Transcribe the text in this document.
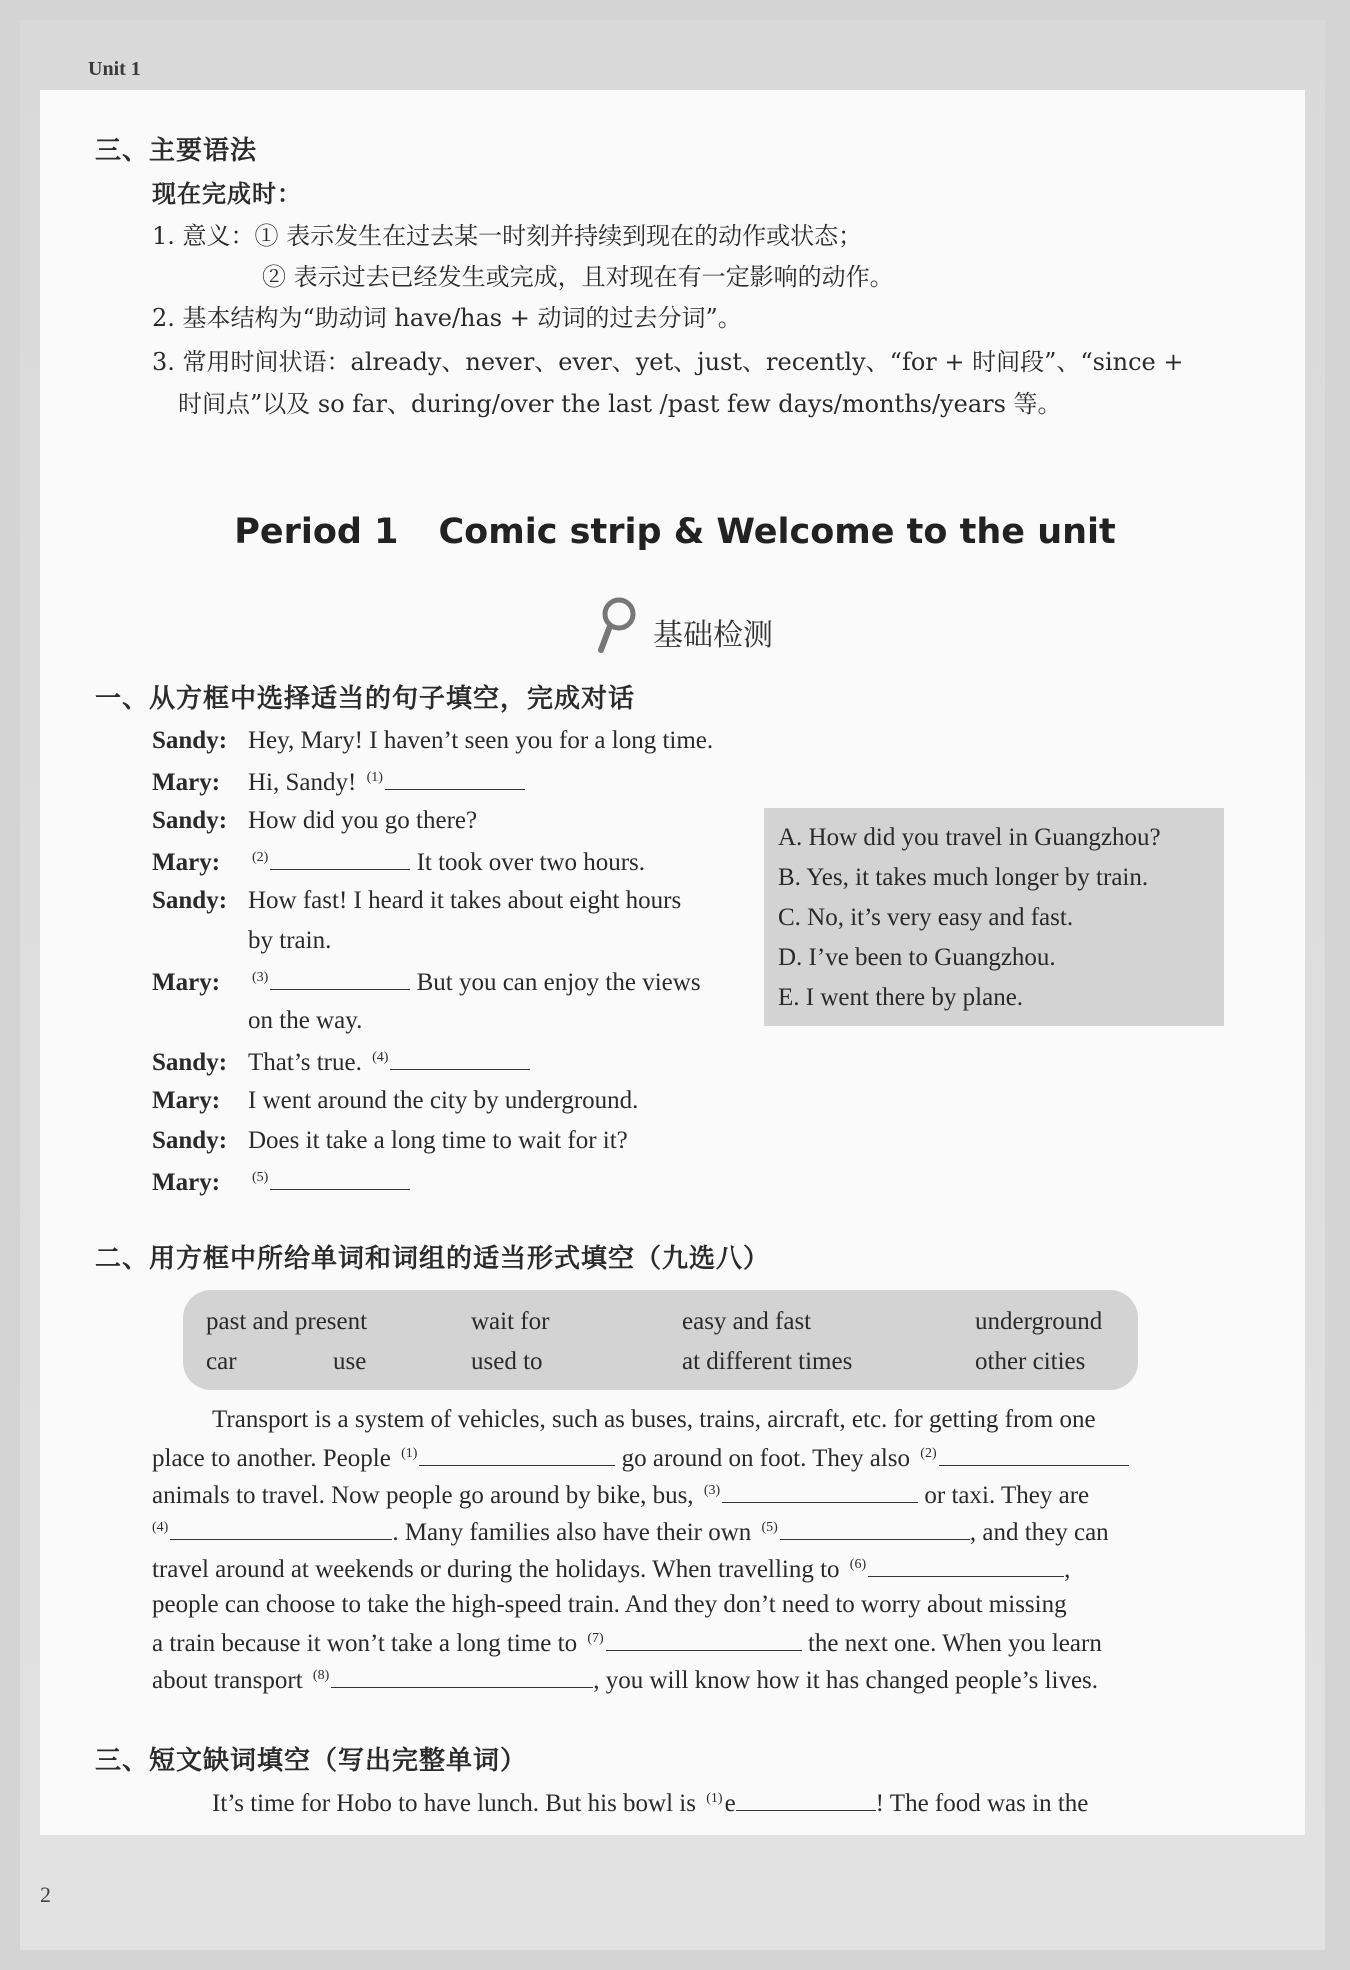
Unit 1
2
三、主要语法
现在完成时：
1. 意义：① 表示发生在过去某一时刻并持续到现在的动作或状态；
② 表示过去已经发生或完成，且对现在有一定影响的动作。
2. 基本结构为“助动词 have/has + 动词的过去分词”。
3. 常用时间状语：already、never、ever、yet、just、recently、“for + 时间段”、“since +
时间点”以及 so far、during/over the last /past few days/months/years 等。
Period 1 Comic strip & Welcome to the unit
基础检测
一、从方框中选择适当的句子填空，完成对话
Sandy: Hey, Mary! I haven’t seen you for a long time.
Mary: Hi, Sandy! $^{(1)}$
Sandy: How did you go there?
Mary: $^{(2)}$	It took over two hours.
Sandy: How fast! I heard it takes about eight hours
by train.
Mary: $^{(3)}$	But you can enjoy the views
on the way.
Sandy: That’s true. $^{(4)}$
Mary: I went around the city by underground.
Sandy: Does it take a long time to wait for it?
Mary: $^{(5)}$
A. How did you travel in Guangzhou?
B. Yes, it takes much longer by train.
C. No, it’s very easy and fast.
D. I’ve been to Guangzhou.
E. I went there by plane.
二、用方框中所给单词和词组的适当形式填空（九选八）
past and present	wait for	easy and fast	underground
car	use	used to	at different times	other cities
Transport is a system of vehicles, such as buses, trains, aircraft, etc. for getting from one
place to another. People $^{(1)}$	go around on foot. They also $^{(2)}$
animals to travel. Now people go around by bike, bus, $^{(3)}$	or taxi. They are
$^{(4)}$	. Many families also have their own $^{(5)}$	, and they can
travel around at weekends or during the holidays. When travelling to $^{(6)}$	,
people can choose to take the high-speed train. And they don’t need to worry about missing
a train because it won’t take a long time to $^{(7)}$	the next one. When you learn
about transport $^{(8)}$	, you will know how it has changed people’s lives.
三、短文缺词填空（写出完整单词）
It’s time for Hobo to have lunch. But his bowl is $^{(1)}$e	! The food was in the
